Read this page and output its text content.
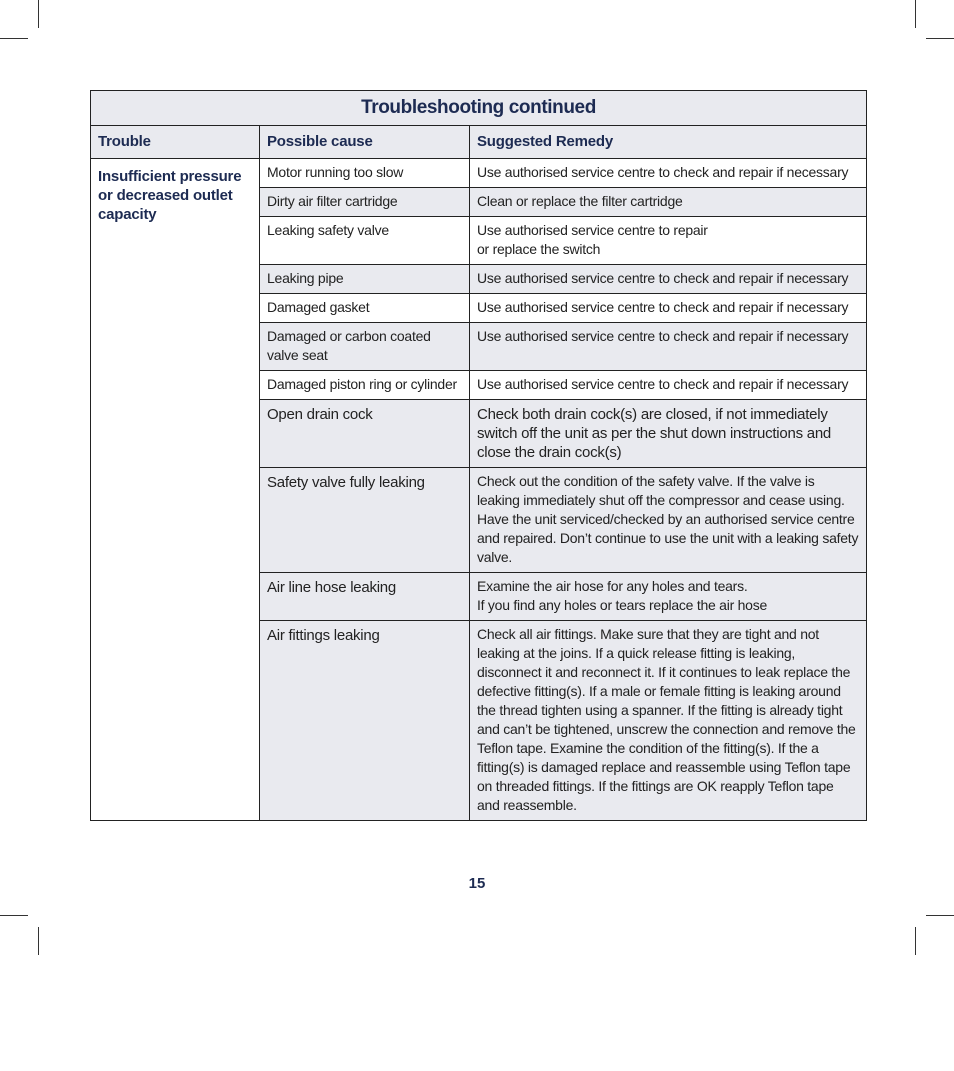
Troubleshooting continued		
Trouble	Possible cause	Suggested Remedy
Insufficient pressure or decreased outlet capacity	Motor running too slow	Use authorised service centre to check and repair if necessary
	Dirty air filter cartridge	Clean or replace the filter cartridge
	Leaking safety valve	Use authorised service centre to repair
or replace the switch
	Leaking pipe	Use authorised service centre to check and repair if necessary
	Damaged gasket	Use authorised service centre to check and repair if necessary
	Damaged or carbon coated valve seat	Use authorised service centre to check and repair if necessary
	Damaged piston ring or cylinder	Use authorised service centre to check and repair if necessary
	Open drain cock	Check both drain cock(s) are closed, if not immediately switch off the unit as per the shut down instructions and close the drain cock(s)
	Safety valve fully leaking	Check out the condition of the safety valve. If the valve is leaking immediately shut off the compressor and cease using. Have the unit serviced/checked by an authorised service centre and repaired. Don’t continue to use the unit with a leaking safety valve.
	Air line hose leaking	Examine the air hose for any holes and tears.
If you find any holes or tears replace the air hose
	Air fittings leaking	Check all air fittings. Make sure that they are tight and not leaking at the joins. If a quick release fitting is leaking, disconnect it and reconnect it. If it continues to leak replace the defective fitting(s). If a male or female fitting is leaking around the thread tighten using a spanner. If the fitting is already tight and can’t be tightened, unscrew the connection and remove the Teflon tape. Examine the condition of the fitting(s). If the a fitting(s) is damaged replace and reassemble using Teflon tape on threaded fittings. If the fittings are OK reapply Teflon tape and reassemble.
15
